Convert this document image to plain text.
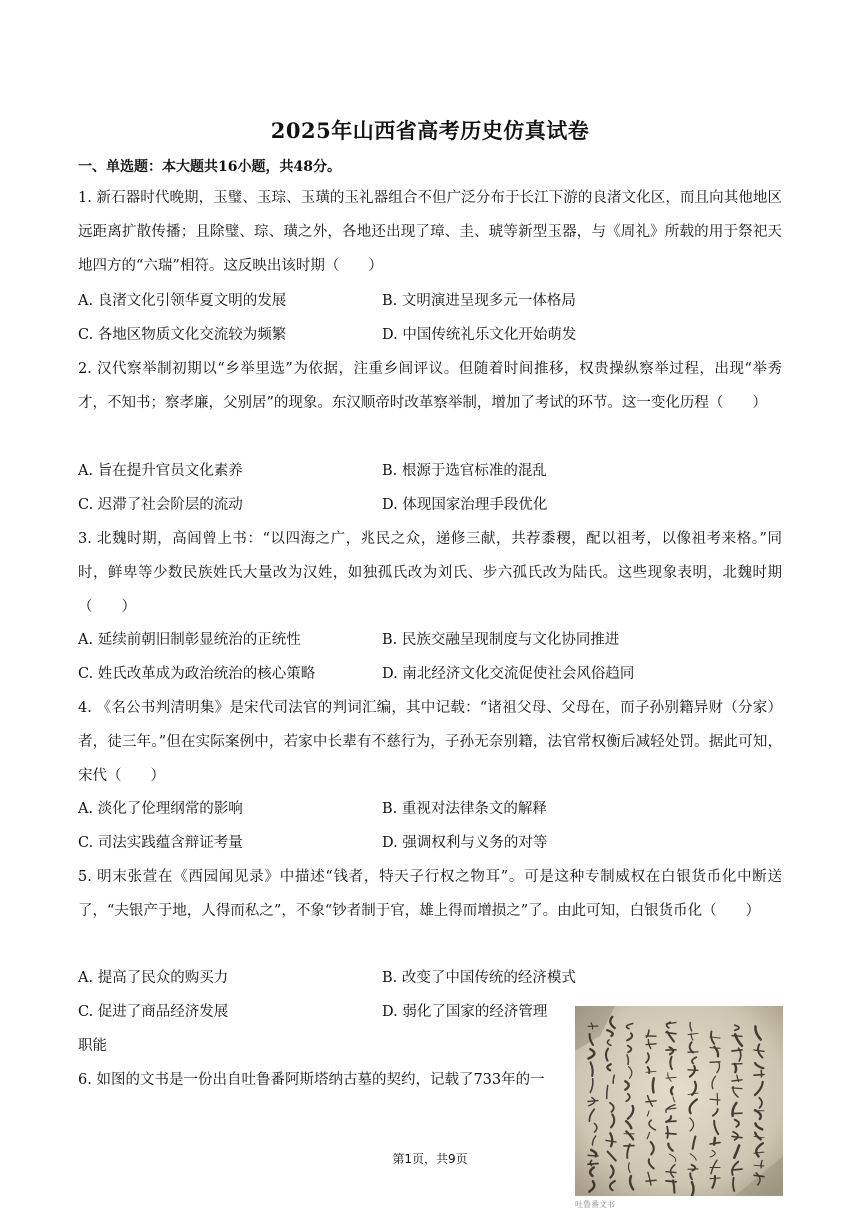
2025年山西省高考历史仿真试卷
一、单选题：本大题共16小题，共48分。
1. 新石器时代晚期，玉璧、玉琮、玉璜的玉礼器组合不但广泛分布于长江下游的良渚文化区，而且向其他地区远距离扩散传播；且除璧、琮、璜之外，各地还出现了璋、圭、琥等新型玉器，与《周礼》所载的用于祭祀天地四方的“六瑞”相符。这反映出该时期（　　）
A. 良渚文化引领华夏文明的发展	B. 文明演进呈现多元一体格局
C. 各地区物质文化交流较为频繁	D. 中国传统礼乐文化开始萌发
2. 汉代察举制初期以“乡举里选”为依据，注重乡闾评议。但随着时间推移，权贵操纵察举过程，出现“举秀才，不知书；察孝廉，父别居”的现象。东汉顺帝时改革察举制，增加了考试的环节。这一变化历程（　　）
A. 旨在提升官员文化素养	B. 根源于选官标准的混乱
C. 迟滞了社会阶层的流动	D. 体现国家治理手段优化
3. 北魏时期，高闾曾上书：“以四海之广，兆民之众，递修三献，共荐黍稷，配以祖考，以像祖考来格。”同时，鲜卑等少数民族姓氏大量改为汉姓，如独孤氏改为刘氏、步六孤氏改为陆氏。这些现象表明，北魏时期（　　）
A. 延续前朝旧制彰显统治的正统性	B. 民族交融呈现制度与文化协同推进
C. 姓氏改革成为政治统治的核心策略	D. 南北经济文化交流促使社会风俗趋同
4. 《名公书判清明集》是宋代司法官的判词汇编，其中记载：“诸祖父母、父母在，而子孙别籍异财（分家）者，徒三年。”但在实际案例中，若家中长辈有不慈行为，子孙无奈别籍，法官常权衡后减轻处罚。据此可知，宋代（　　）
A. 淡化了伦理纲常的影响	B. 重视对法律条文的解释
C. 司法实践蕴含辩证考量	D. 强调权利与义务的对等
5. 明末张萱在《西园闻见录》中描述“钱者，特天子行权之物耳”。可是这种专制威权在白银货币化中断送了，“夫银产于地，人得而私之”，不象“钞者制于官，雄上得而增损之”了。由此可知，白银货币化（　　）
A. 提高了民众的购买力	B. 改变了中国传统的经济模式
C. 促进了商品经济发展	D. 弱化了国家的经济管理
职能
6. 如图的文书是一份出自吐鲁番阿斯塔纳古墓的契约，记载了733年的一
吐鲁番文书
第1页，共9页
